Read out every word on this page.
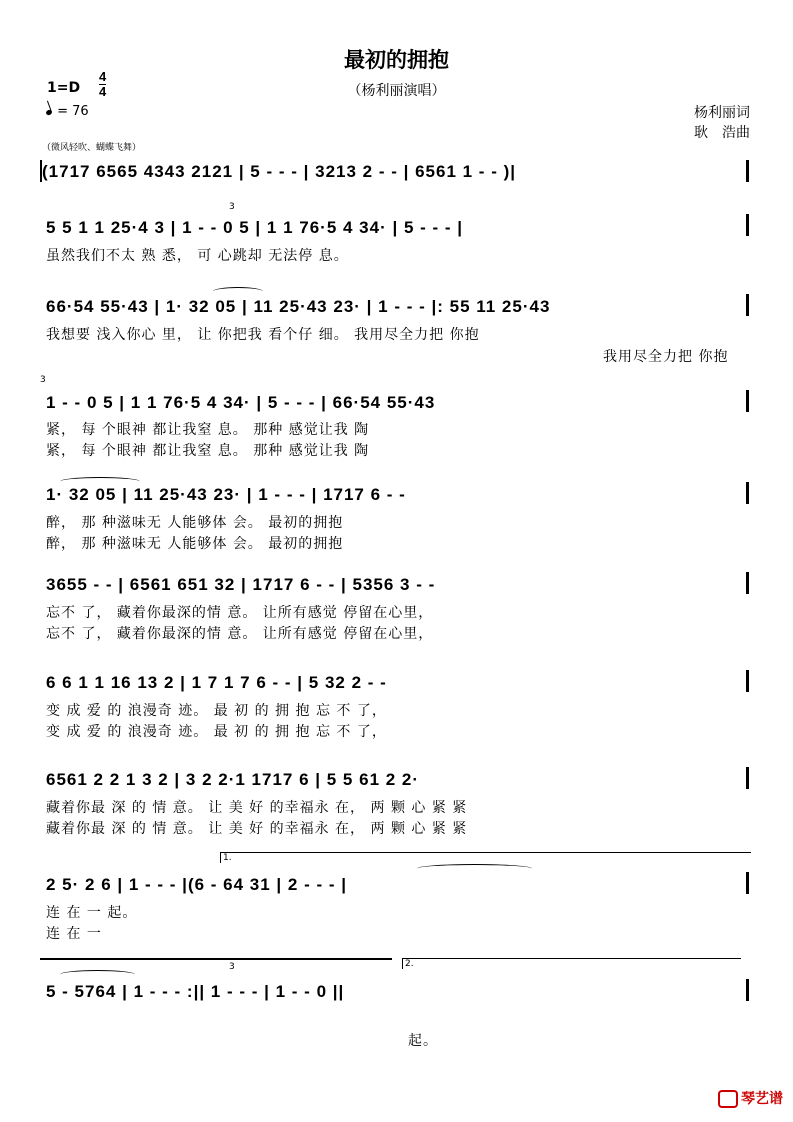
最初的拥抱
（杨利丽演唱）
1=D
4
4
= 76	杨利丽词
耿　浩曲
（微风轻吹、蝴蝶飞舞）
(1717 6565 4343 2121 | 5 - - - | 3213 2 - - | 6561 1 - - )|
5 5 1 1 25·4 3 | 1 - - 0 5 | 1 1 76·5 4 34· | 5 - - - |
虽然我们不太 熟 悉， 可 心跳却 无法停 息。
3
66·54 55·43 | 1· 32 05 | 11 25·43 23· | 1 - - - |: 55 11 25·43
我想要 浅入你心 里， 让 你把我 看个仔 细。 我用尽全力把 你抱
我用尽全力把 你抱
1 - - 0 5 | 1 1 76·5 4 34· | 5 - - - | 66·54 55·43
紧， 每 个眼神 都让我窒 息。 那种 感觉让我 陶
紧， 每 个眼神 都让我窒 息。 那种 感觉让我 陶
3
1· 32 05 | 11 25·43 23· | 1 - - - | 1717 6 - -
醉， 那 种滋味无 人能够体 会。 最初的拥抱
醉， 那 种滋味无 人能够体 会。 最初的拥抱
3655 - - | 6561 651 32 | 1717 6 - - | 5356 3 - -
忘不 了， 藏着你最深的情 意。 让所有感觉 停留在心里，
忘不 了， 藏着你最深的情 意。 让所有感觉 停留在心里，
6 6 1 1 16 13 2 | 1 7 1 7 6 - - | 5 32 2 - -
变 成 爱 的 浪漫奇 迹。 最 初 的 拥 抱 忘 不 了，
变 成 爱 的 浪漫奇 迹。 最 初 的 拥 抱 忘 不 了，
6561 2 2 1 3 2 | 3 2 2·1 1717 6 | 5 5 61 2 2·
藏着你最 深 的 情 意。 让 美 好 的幸福永 在， 两 颗 心 紧 紧
藏着你最 深 的 情 意。 让 美 好 的幸福永 在， 两 颗 心 紧 紧
1.
2 5· 2 6 | 1 - - - |(6 - 64 31 | 2 - - - |
连 在 一 起。
连 在 一
2.
5 - 5764 | 1 - - - :|| 1 - - - | 1 - - 0 ||
3
起。
琴艺谱
